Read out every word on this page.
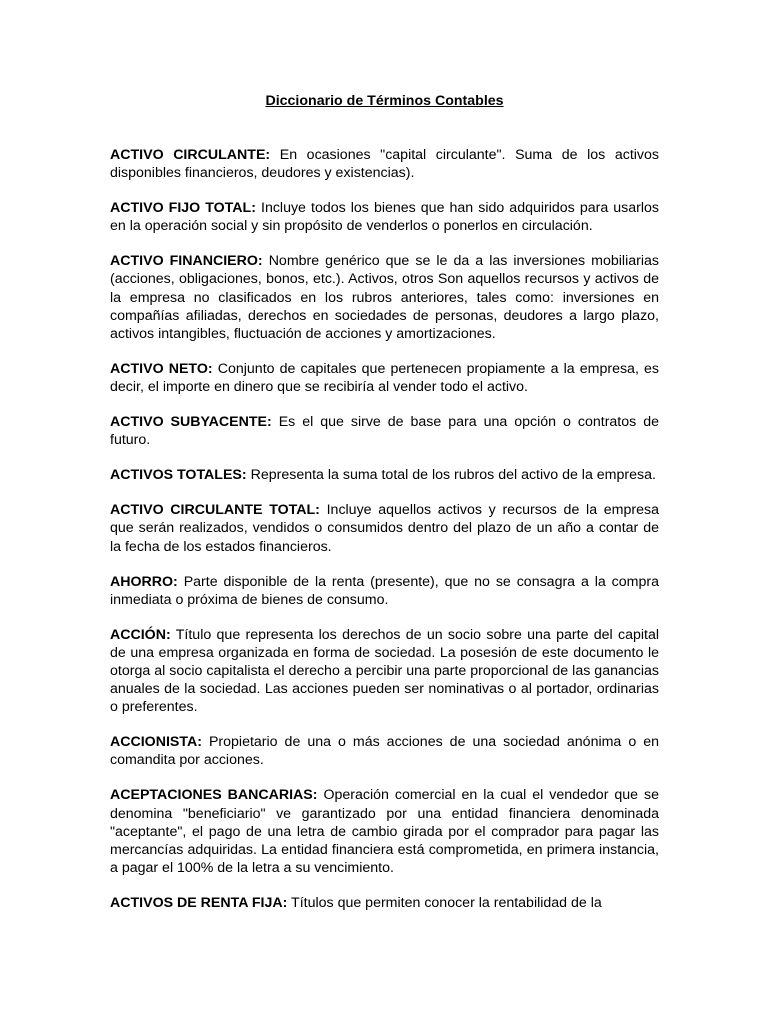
Diccionario de Términos Contables

ACTIVO CIRCULANTE: En ocasiones "capital circulante". Suma de los activos disponibles financieros, deudores y existencias).

ACTIVO FIJO TOTAL: Incluye todos los bienes que han sido adquiridos para usarlos en la operación social y sin propósito de venderlos o ponerlos en circulación.

ACTIVO FINANCIERO: Nombre genérico que se le da a las inversiones mobiliarias (acciones, obligaciones, bonos, etc.). Activos, otros Son aquellos recursos y activos de la empresa no clasificados en los rubros anteriores, tales como: inversiones en compañías afiliadas, derechos en sociedades de personas, deudores a largo plazo, activos intangibles, fluctuación de acciones y amortizaciones.

ACTIVO NETO: Conjunto de capitales que pertenecen propiamente a la empresa, es decir, el importe en dinero que se recibiría al vender todo el activo.

ACTIVO SUBYACENTE: Es el que sirve de base para una opción o contratos de futuro.

ACTIVOS TOTALES: Representa la suma total de los rubros del activo de la empresa.

ACTIVO CIRCULANTE TOTAL: Incluye aquellos activos y recursos de la empresa que serán realizados, vendidos o consumidos dentro del plazo de un año a contar de la fecha de los estados financieros.

AHORRO: Parte disponible de la renta (presente), que no se consagra a la compra inmediata o próxima de bienes de consumo.

ACCIÓN: Título que representa los derechos de un socio sobre una parte del capital de una empresa organizada en forma de sociedad. La posesión de este documento le otorga al socio capitalista el derecho a percibir una parte proporcional de las ganancias anuales de la sociedad. Las acciones pueden ser nominativas o al portador, ordinarias o preferentes.

ACCIONISTA: Propietario de una o más acciones de una sociedad anónima o en comandita por acciones.

ACEPTACIONES BANCARIAS: Operación comercial en la cual el vendedor que se denomina "beneficiario" ve garantizado por una entidad financiera denominada "aceptante", el pago de una letra de cambio girada por el comprador para pagar las mercancías adquiridas. La entidad financiera está comprometida, en primera instancia, a pagar el 100% de la letra a su vencimiento.

ACTIVOS DE RENTA FIJA: Títulos que permiten conocer la rentabilidad de la
